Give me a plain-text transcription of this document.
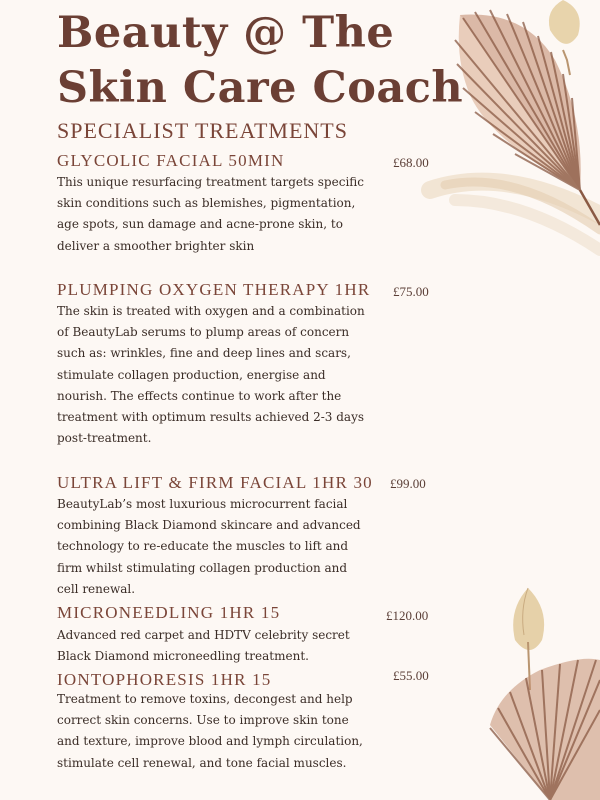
Beauty @ The Skin Care Coach
SPECIALIST TREATMENTS
GLYCOLIC FACIAL 50MIN	£68.00

This unique resurfacing treatment targets specific skin conditions such as blemishes, pigmentation, age spots, sun damage and acne-prone skin, to deliver a smoother brighter skin

PLUMPING OXYGEN THERAPY 1HR £75.00

The skin is treated with oxygen and a combination of BeautyLab serums to plump areas of concern such as: wrinkles, fine and deep lines and scars, stimulate collagen production, energise and nourish. The effects continue to work after the treatment with optimum results achieved 2-3 days post-treatment.

ULTRA LIFT & FIRM FACIAL 1HR 30 £99.00

BeautyLab’s most luxurious microcurrent facial combining Black Diamond skincare and advanced technology to re-educate the muscles to lift and firm whilst stimulating collagen production and cell renewal.

MICRONEEDLING 1HR 15	£120.00

Advanced red carpet and HDTV celebrity secret Black Diamond microneedling treatment.

IONTOPHORESIS 1HR 15	£55.00

Treatment to remove toxins, decongest and help correct skin concerns. Use to improve skin tone and texture, improve blood and lymph circulation, stimulate cell renewal, and tone facial muscles.
